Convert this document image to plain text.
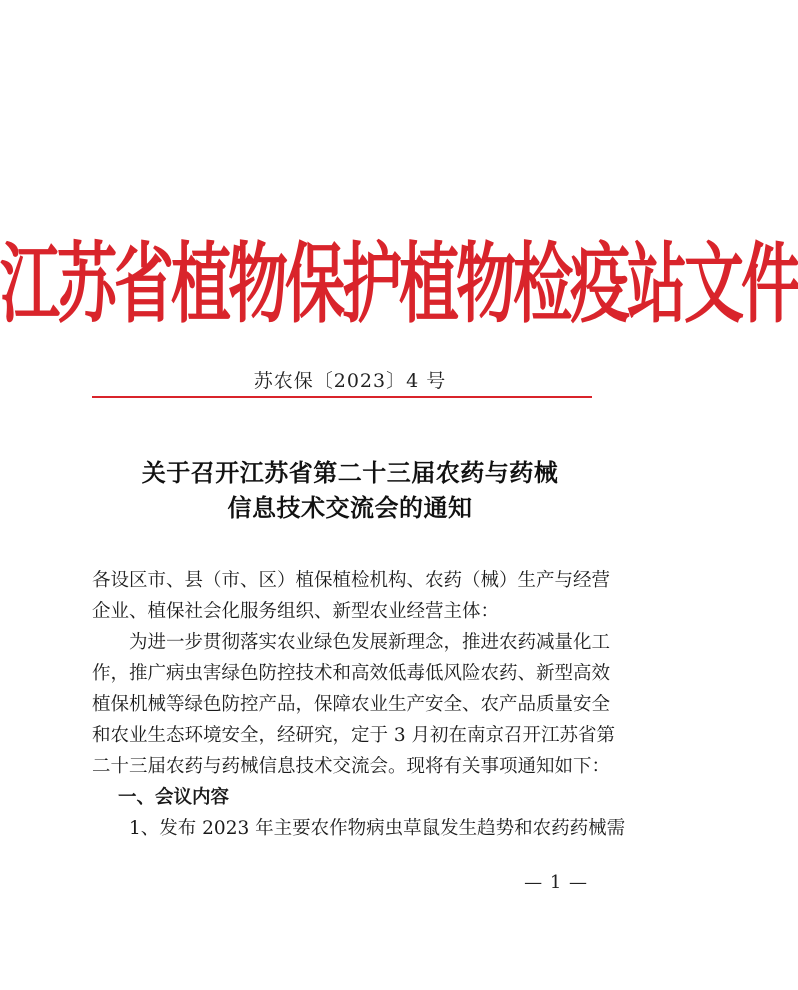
江苏省植物保护植物检疫站文件
苏农保〔2023〕4 号
关于召开江苏省第二十三届农药与药械
信息技术交流会的通知
各设区市、县（市、区）植保植检机构、农药（械）生产与经营
企业、植保社会化服务组织、新型农业经营主体：
为进一步贯彻落实农业绿色发展新理念，推进农药减量化工
作，推广病虫害绿色防控技术和高效低毒低风险农药、新型高效
植保机械等绿色防控产品，保障农业生产安全、农产品质量安全
和农业生态环境安全，经研究，定于 3 月初在南京召开江苏省第
二十三届农药与药械信息技术交流会。现将有关事项通知如下：
一、会议内容
1、发布 2023 年主要农作物病虫草鼠发生趋势和农药药械需
— 1 —
